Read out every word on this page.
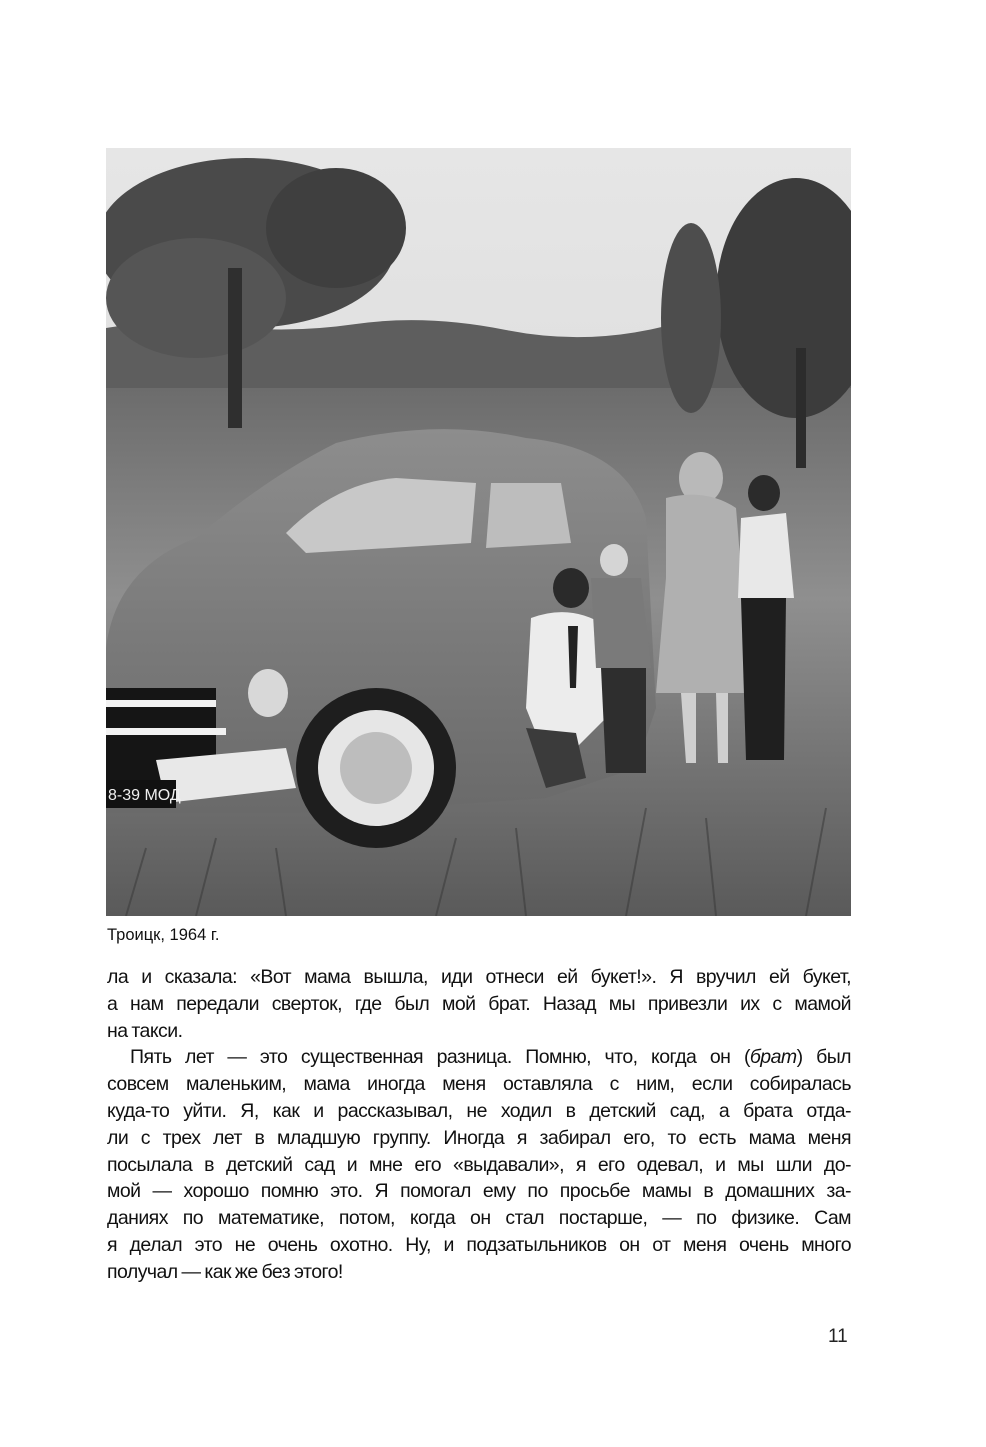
8-39 МОД
Троицк, 1964 г.
ла и сказала: «Вот мама вышла, иди отнеси ей букет!». Я вручил ей букет,
а нам передали сверток, где был мой брат. Назад мы привезли их с мамой
на такси.
Пять лет — это существенная разница. Помню, что, когда он (брат) был
совсем маленьким, мама иногда меня оставляла с ним, если собиралась
куда-то уйти. Я, как и рассказывал, не ходил в детский сад, а брата отда-
ли с трех лет в младшую группу. Иногда я забирал его, то есть мама меня
посылала в детский сад и мне его «выдавали», я его одевал, и мы шли до-
мой — хорошо помню это. Я помогал ему по просьбе мамы в домашних за-
даниях по математике, потом, когда он стал постарше, — по физике. Сам
я делал это не очень охотно. Ну, и подзатыльников он от меня очень много
получал — как же без этого!
11
